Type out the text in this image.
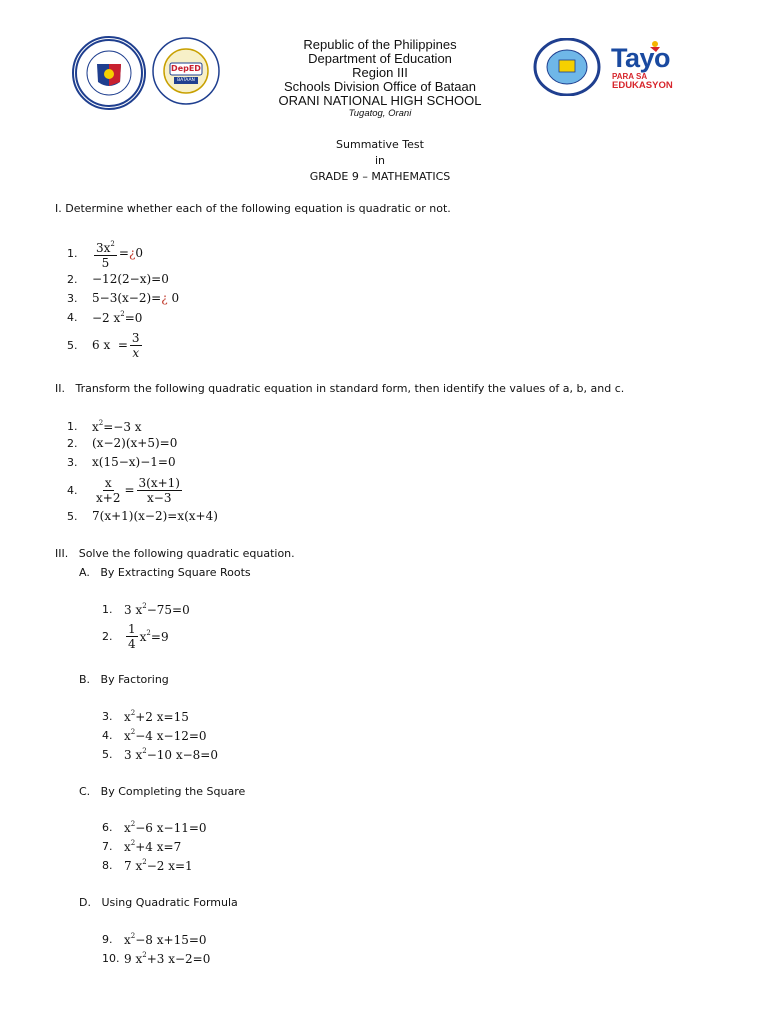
DepED
BATAAN
Tayo
PARA SA
EDUKASYON
Republic of the Philippines
Department of Education
Region III
Schools Division Office of Bataan
ORANI NATIONAL HIGH SCHOOL
Tugatog, Orani
Summative Test
in
GRADE 9 – MATHEMATICS
I. Determine whether each of the following equation is quadratic or not.
1.	$\frac{3x^2}{5}$ =¿0
2.	−12(2−x)=0
3.	5−3(x−2)=¿ 0
4.	−2 $x^2=0$
5.	6 $x = \frac{3}{x}$
II.   Transform the following quadratic equation in standard form, then identify the values of a, b, and c.
1.	$x^2=-3$ x
2.	(x−2)(x+5)=0
3.	x(15−x)−1=0
4.	$\frac{x}{x+2} = \frac{3(x+1)}{x-3}$
5.	7(x+1)(x−2)=x(x+4)
III.   Solve the following quadratic equation.
A.   By Extracting Square Roots
1. 3 $x^2-75=0$
2.	$\frac{1}{4} x^2=9$
B.   By Factoring
3. $x^2+2$ x=15
4. $x^2-4$ x−12=0
5. 3 $x^2-10$ x−8=0
C.   By Completing the Square
6. $x^2-6$ x−11=0
7. $x^2+4$ x=7
8. 7 $x^2-2$ x=1
D.   Using Quadratic Formula
9. $x^2-8$ x+15=0
10. 9 $x^2+3$ x−2=0
